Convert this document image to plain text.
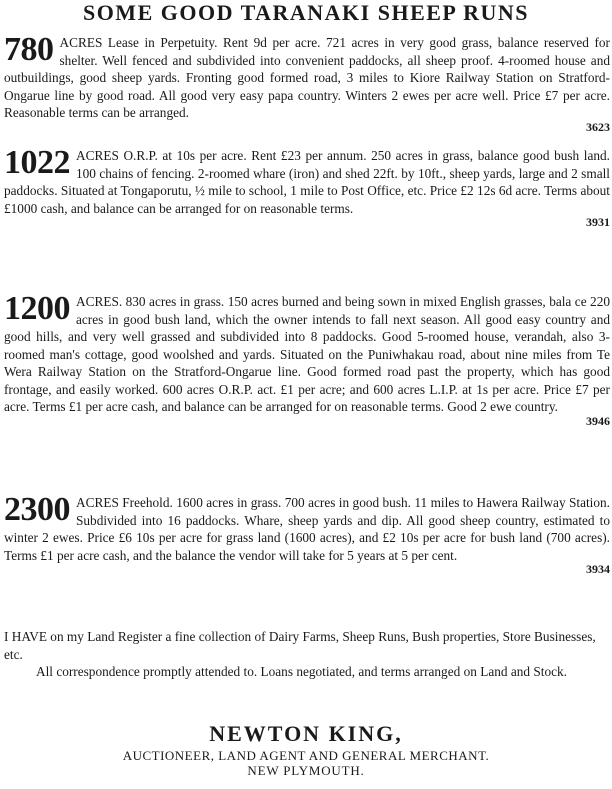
SOME GOOD TARANAKI SHEEP RUNS
780 ACRES Lease in Perpetuity. Rent 9d per acre. 721 acres in very good grass, balance reserved for shelter. Well fenced and subdivided into convenient paddocks, all sheep proof. 4-roomed house and outbuildings, good sheep yards. Fronting good formed road, 3 miles to Kiore Railway Station on Stratford-Ongarue line by good road. All good very easy papa country. Winters 2 ewes per acre well. Price £7 per acre. Reasonable terms can be arranged.

3623
1022 ACRES O.R.P. at 10s per acre. Rent £23 per annum. 250 acres in grass, balance good bush land. 100 chains of fencing. 2-roomed whare (iron) and shed 22ft. by 10ft., sheep yards, large and 2 small paddocks. Situated at Tongaporutu, ½ mile to school, 1 mile to Post Office, etc. Price £2 12s 6d acre. Terms about £1000 cash, and balance can be arranged for on reasonable terms.

3931
1200 ACRES. 830 acres in grass. 150 acres burned and being sown in mixed English grasses, bala ce 220 acres in good bush land, which the owner intends to fall next season. All good easy country and good hills, and very well grassed and subdivided into 8 paddocks. Good 5-roomed house, verandah, also 3-roomed man's cottage, good woolshed and yards. Situated on the Puniwhakau road, about nine miles from Te Wera Railway Station on the Stratford-Ongarue line. Good formed road past the property, which has good frontage, and easily worked. 600 acres O.R.P. act. £1 per acre; and 600 acres L.I.P. at 1s per acre. Price £7 per acre. Terms £1 per acre cash, and balance can be arranged for on reasonable terms. Good 2 ewe country.

3946
2300 ACRES Freehold. 1600 acres in grass. 700 acres in good bush. 11 miles to Hawera Railway Station. Subdivided into 16 paddocks. Whare, sheep yards and dip. All good sheep country, estimated to winter 2 ewes. Price £6 10s per acre for grass land (1600 acres), and £2 10s per acre for bush land (700 acres). Terms £1 per acre cash, and the balance the vendor will take for 5 years at 5 per cent.

3934

I HAVE on my Land Register a fine collection of Dairy Farms, Sheep Runs, Bush properties, Store Businesses, etc.

All correspondence promptly attended to. Loans negotiated, and terms arranged on Land and Stock.

NEWTON KING,
AUCTIONEER, LAND AGENT AND GENERAL MERCHANT.
NEW PLYMOUTH.
